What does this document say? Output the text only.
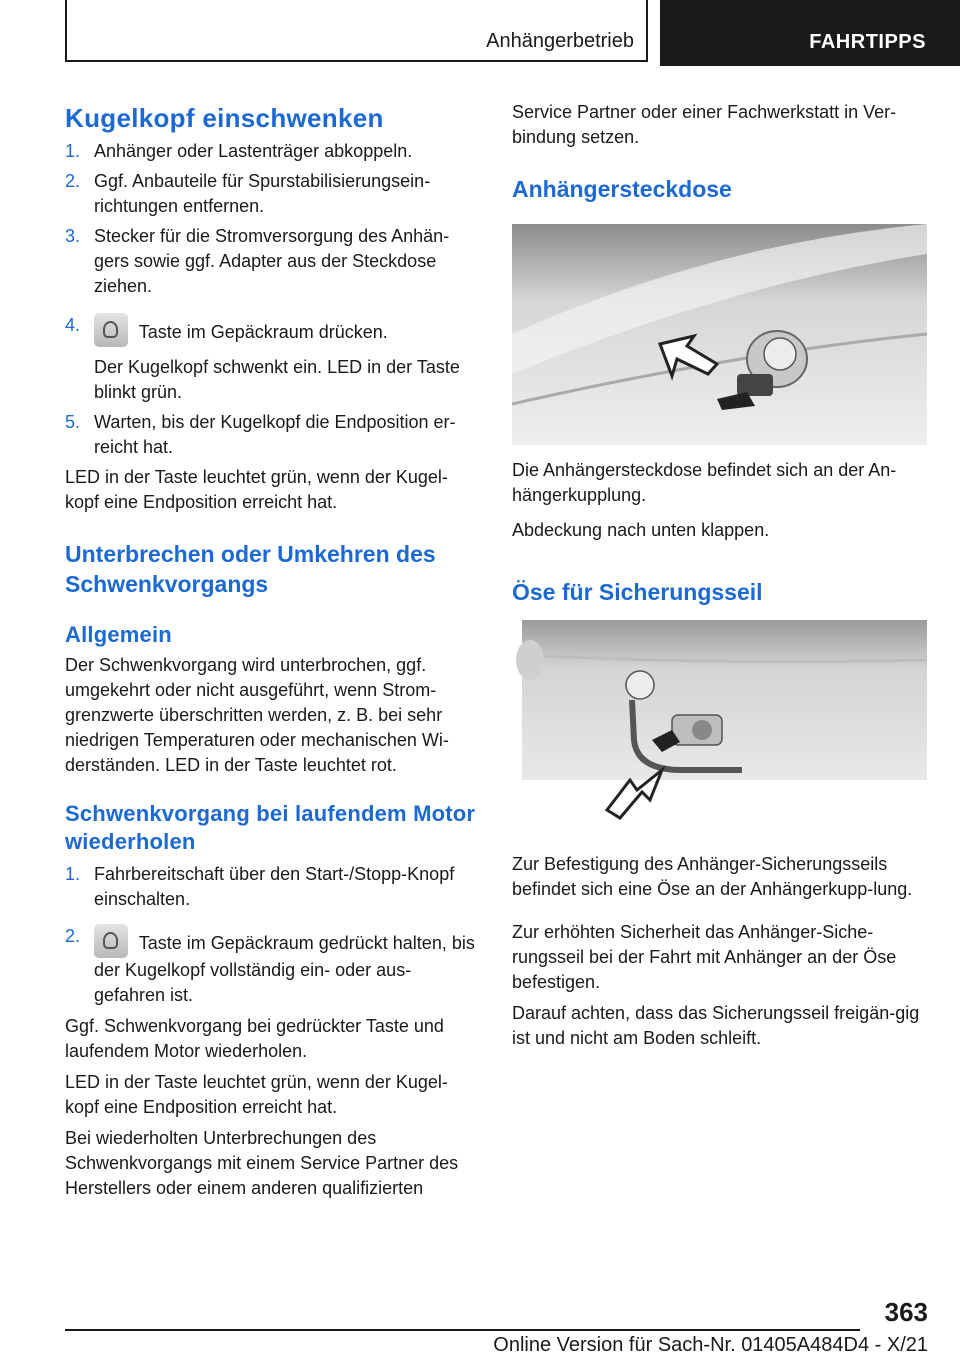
Anhängerbetrieb	FAHRTIPPS
Kugelkopf einschwenken
1. Anhänger oder Lastenträger abkoppeln.
2. Ggf. Anbauteile für Spurstabilisierungsein‐richtungen entfernen.
3. Stecker für die Stromversorgung des Anhän‐gers sowie ggf. Adapter aus der Steckdose ziehen.
4.	Taste im Gepäckraum drücken.
Der Kugelkopf schwenkt ein. LED in der Taste blinkt grün.
5. Warten, bis der Kugelkopf die Endposition er‐reicht hat.

LED in der Taste leuchtet grün, wenn der Kugel‐kopf eine Endposition erreicht hat.

Unterbrechen oder Umkehren des Schwenkvorgangs
Allgemein

Der Schwenkvorgang wird unterbrochen, ggf. umgekehrt oder nicht ausgeführt, wenn Strom‐grenzwerte überschritten werden, z. B. bei sehr niedrigen Temperaturen oder mechanischen Wi‐derständen. LED in der Taste leuchtet rot.

Schwenkvorgang bei laufendem Motor wiederholen
1. Fahrbereitschaft über den Start-/Stopp-Knopf einschalten.
2.	Taste im Gepäckraum gedrückt halten, bis der Kugelkopf vollständig ein- oder aus‐gefahren ist.

Ggf. Schwenkvorgang bei gedrückter Taste und laufendem Motor wiederholen.

LED in der Taste leuchtet grün, wenn der Kugel‐kopf eine Endposition erreicht hat.

Bei wiederholten Unterbrechungen des Schwenkvorgangs mit einem Service Partner des Herstellers oder einem anderen qualifizierten

Service Partner oder einer Fachwerkstatt in Ver‐bindung setzen.

Anhängersteckdose

Die Anhängersteckdose befindet sich an der An‐hängerkupplung.

Abdeckung nach unten klappen.

Öse für Sicherungsseil

Zur Befestigung des Anhänger-Sicherungsseils befindet sich eine Öse an der Anhängerkupp‐lung.

Zur erhöhten Sicherheit das Anhänger-Siche‐rungsseil bei der Fahrt mit Anhänger an der Öse befestigen.

Darauf achten, dass das Sicherungsseil freigän‐gig ist und nicht am Boden schleift.

363
Online Version für Sach-Nr. 01405A484D4 - X/21
